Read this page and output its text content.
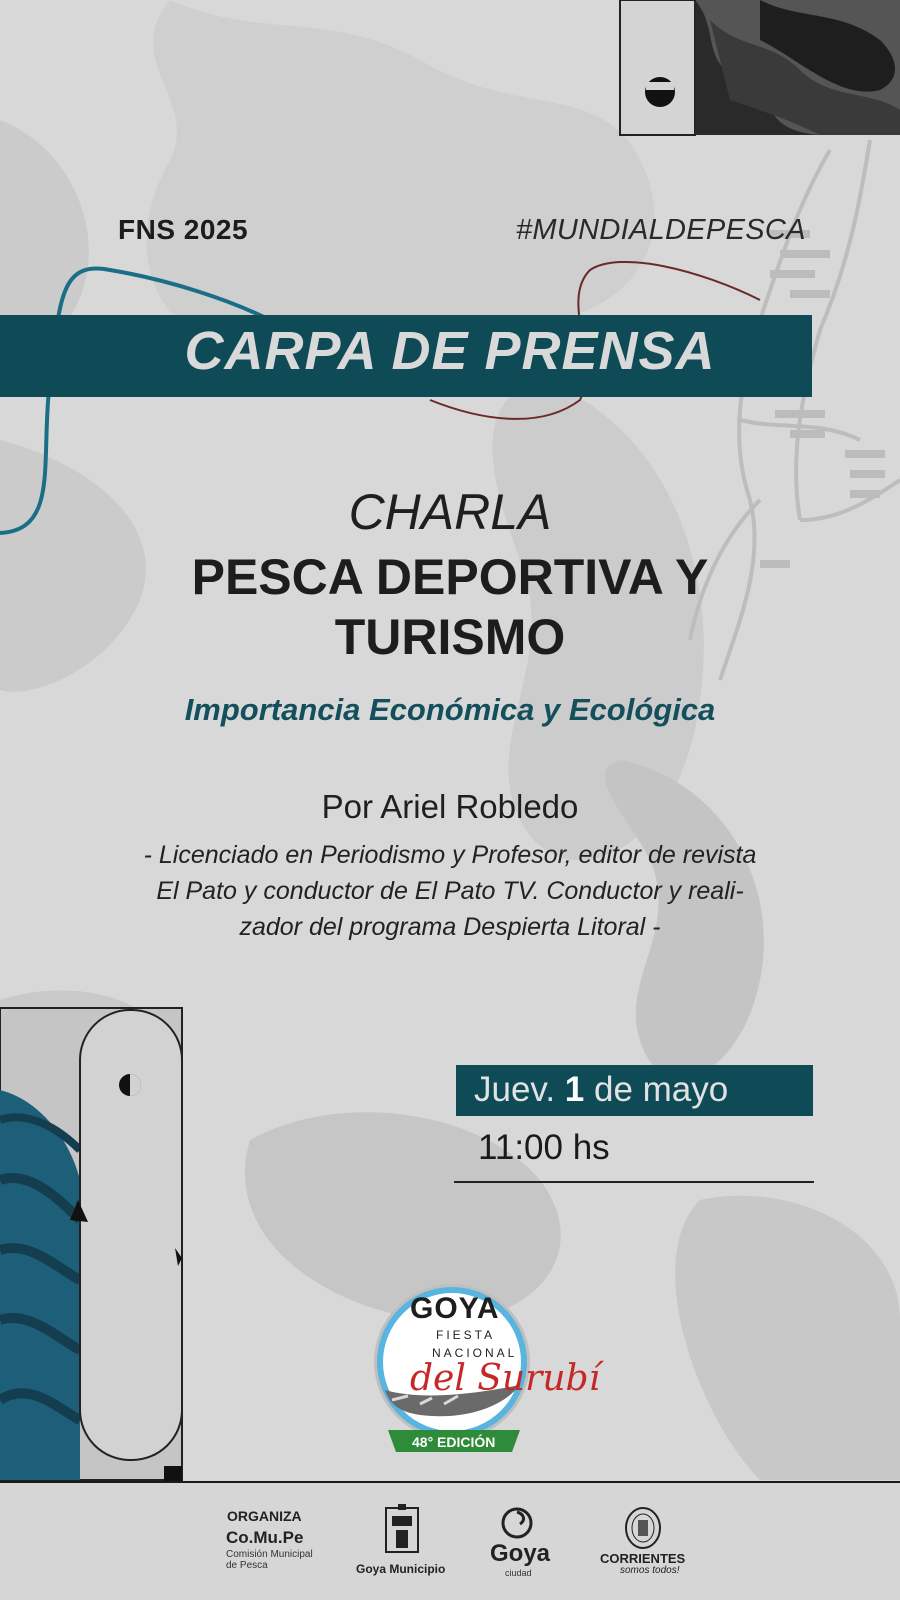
FNS 2025	#MUNDIALDEPESCA
CARPA DE PRENSA
CHARLA
PESCA DEPORTIVA Y
TURISMO
Importancia Económica y Ecológica
Por Ariel Robledo
- Licenciado en Periodismo y Profesor, editor de revista
El Pato y conductor de El Pato TV. Conductor y reali-
zador del programa Despierta Litoral -
Juev. 1 de mayo
11:00 hs
GOYA
FIESTA
NACIONAL
del Surubí
48° EDICIÓN
ORGANIZA
Co.Mu.Pe
Comisión Municipal de Pesca	Goya Municipio
Goya
ciudad
CORRIENTES
somos todos!
